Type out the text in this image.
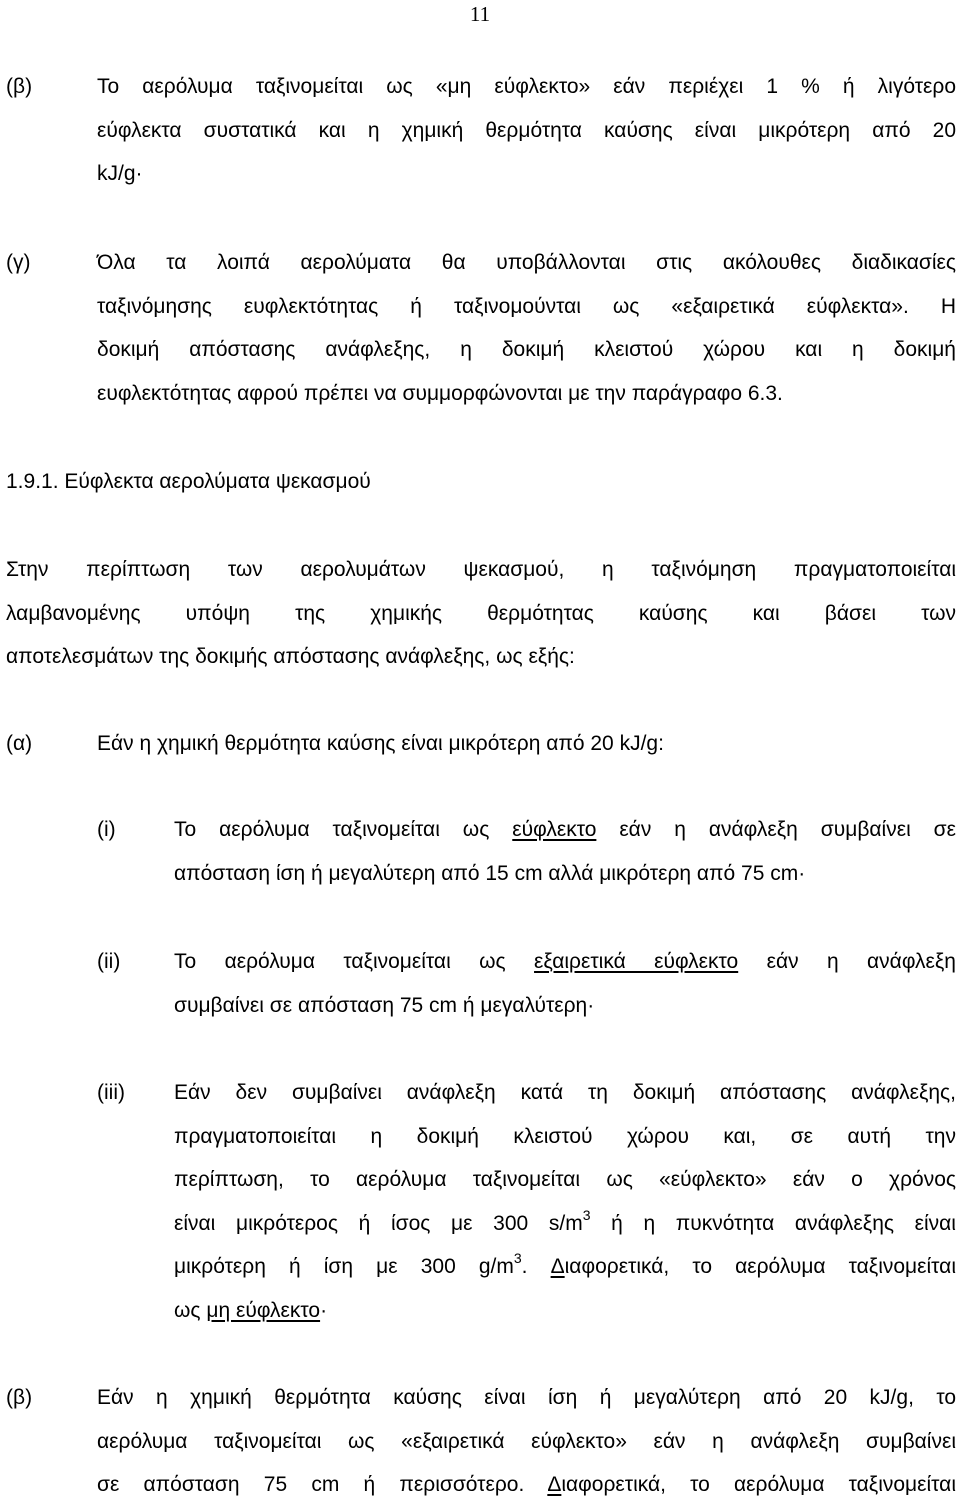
11
(β)	Το αερόλυμα ταξινομείται ως «μη εύφλεκτο» εάν περιέχει 1 % ή λιγότερο
εύφλεκτα συστατικά και η χημική θερμότητα καύσης είναι μικρότερη από 20
kJ/g·
(γ)	Όλα τα λοιπά αερολύματα θα υποβάλλονται στις ακόλουθες διαδικασίες
ταξινόμησης ευφλεκτότητας ή ταξινομούνται ως «εξαιρετικά εύφλεκτα». Η
δοκιμή απόστασης ανάφλεξης, η δοκιμή κλειστού χώρου και η δοκιμή
ευφλεκτότητας αφρού πρέπει να συμμορφώνονται με την παράγραφο 6.3.
1.9.1. Εύφλεκτα αερολύματα ψεκασμού
Στην περίπτωση των αερολυμάτων ψεκασμού, η ταξινόμηση πραγματοποιείται
λαμβανομένης υπόψη της χημικής θερμότητας καύσης και βάσει των
αποτελεσμάτων της δοκιμής απόστασης ανάφλεξης, ως εξής:
(α)	Εάν η χημική θερμότητα καύσης είναι μικρότερη από 20 kJ/g:
(i)	Το αερόλυμα ταξινομείται ως εύφλεκτο εάν η ανάφλεξη συμβαίνει σε
απόσταση ίση ή μεγαλύτερη από 15 cm αλλά μικρότερη από 75 cm·
(ii)	Το αερόλυμα ταξινομείται ως εξαιρετικά εύφλεκτο εάν η ανάφλεξη
συμβαίνει σε απόσταση 75 cm ή μεγαλύτερη·
(iii) Εάν δεν συμβαίνει ανάφλεξη κατά τη δοκιμή απόστασης ανάφλεξης,
πραγματοποιείται η δοκιμή κλειστού χώρου και, σε αυτή την
περίπτωση, το αερόλυμα ταξινομείται ως «εύφλεκτο» εάν ο χρόνος
είναι μικρότερος ή ίσος με 300 $s/m^3$ ή η πυκνότητα ανάφλεξης είναι
μικρότερη ή ίση με 300 $g/m^3$. Διαφορετικά, το αερόλυμα ταξινομείται
ως μη εύφλεκτο·
(β)	Εάν η χημική θερμότητα καύσης είναι ίση ή μεγαλύτερη από 20 kJ/g, το
αερόλυμα ταξινομείται ως «εξαιρετικά εύφλεκτο» εάν η ανάφλεξη συμβαίνει
σε απόσταση 75 cm ή περισσότερο. Διαφορετικά, το αερόλυμα ταξινομείται
